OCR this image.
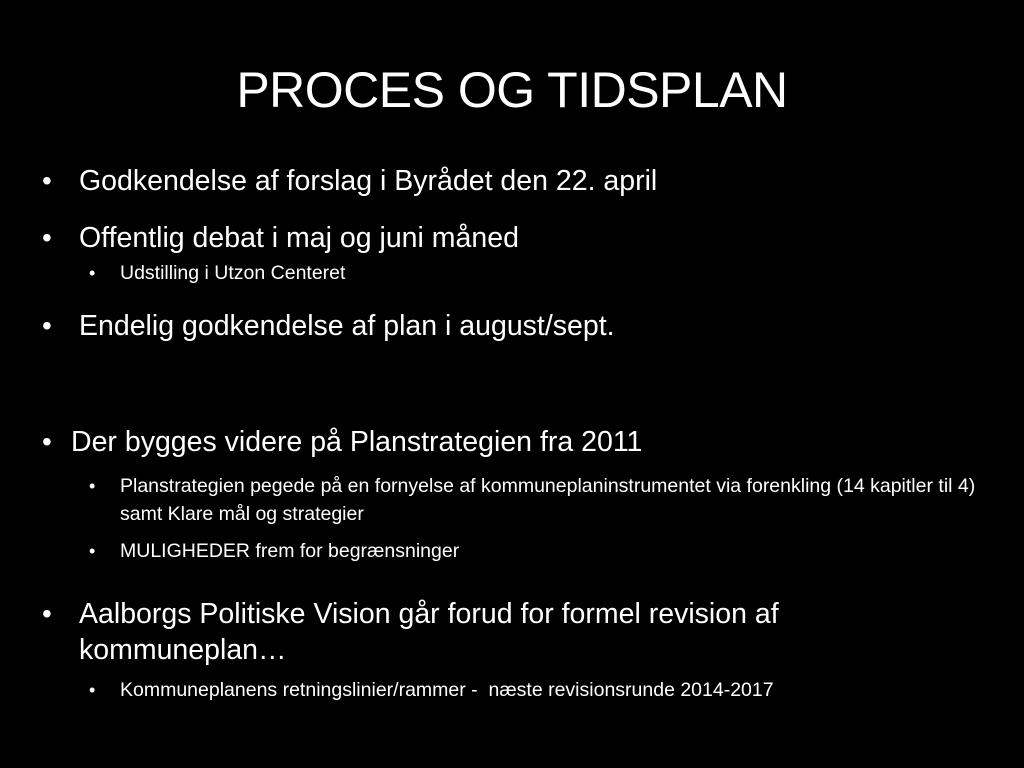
PROCES OG TIDSPLAN
• Godkendelse af forslag i Byrådet den 22. april
• Offentlig debat i maj og juni måned
• Udstilling i Utzon Centeret
• Endelig godkendelse af plan i august/sept.
• Der bygges videre på Planstrategien fra 2011
• Planstrategien pegede på en fornyelse af kommuneplaninstrumentet via forenkling (14 kapitler til 4) samt Klare mål og strategier
• MULIGHEDER frem for begrænsninger
• Aalborgs Politiske Vision går forud for formel revision af kommuneplan…
• Kommuneplanens retningslinier/rammer -  næste revisionsrunde 2014-2017
